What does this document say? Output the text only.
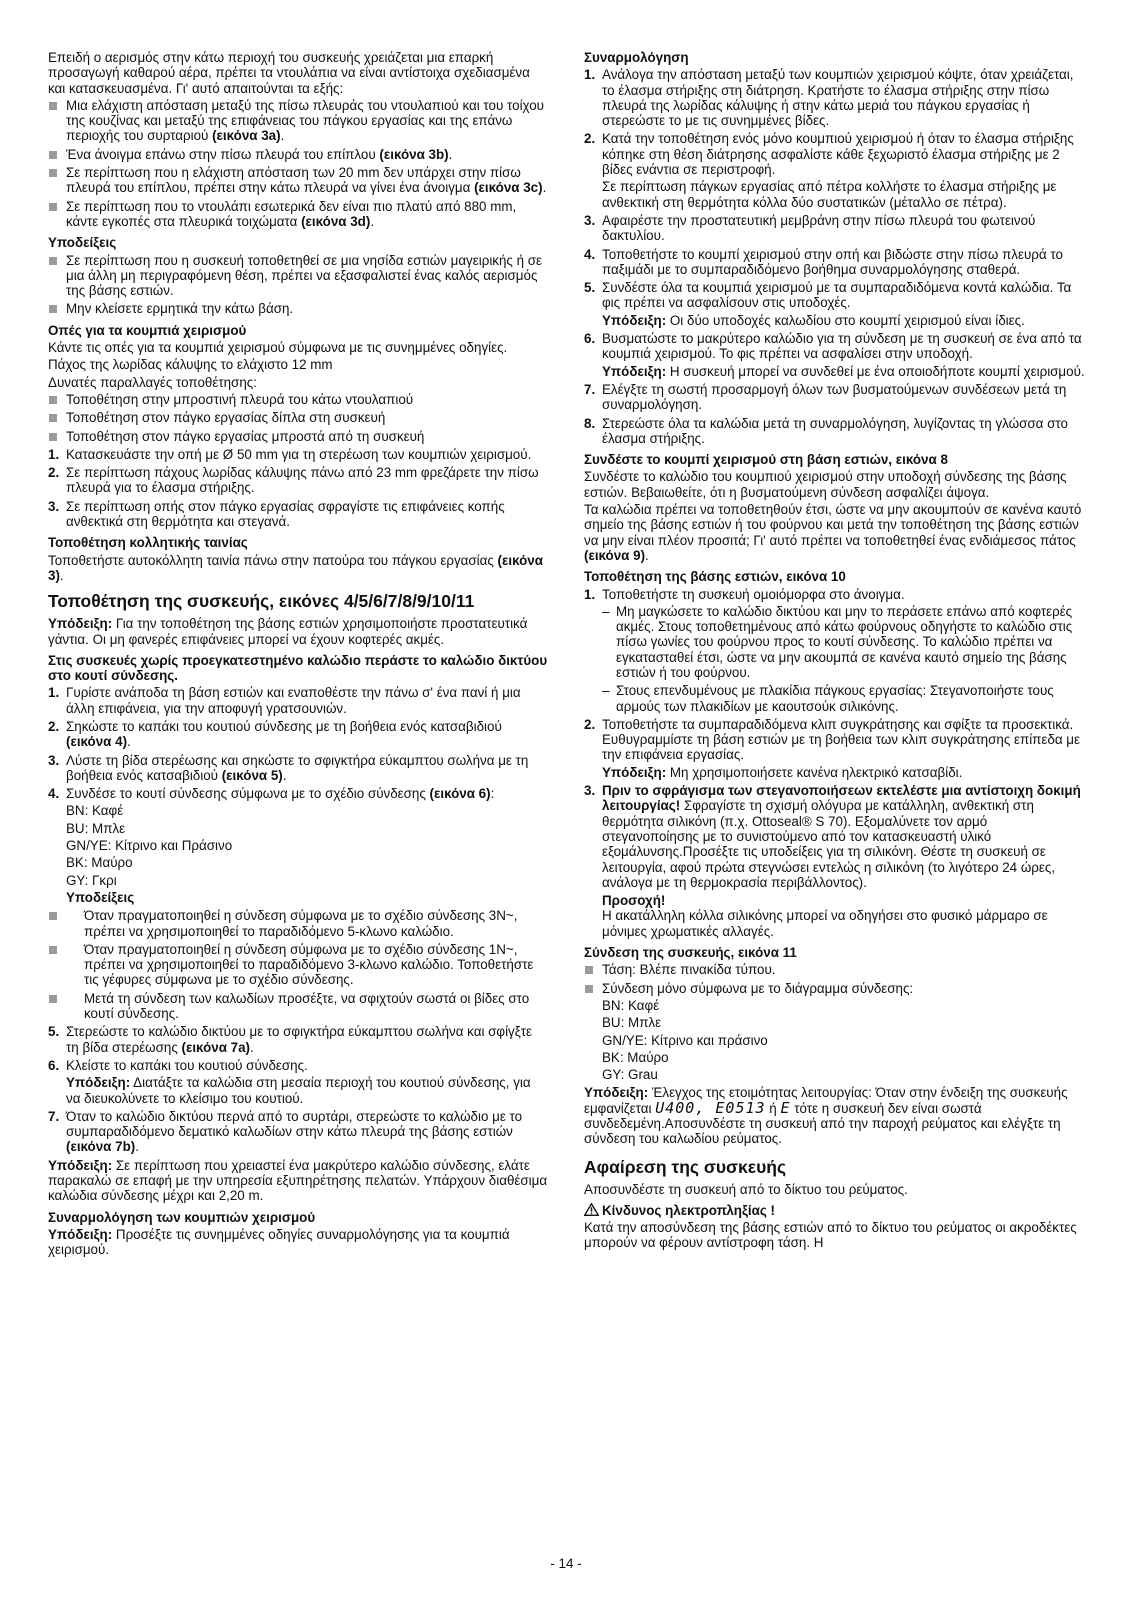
Επειδή ο αερισμός στην κάτω περιοχή του συσκευής χρειάζεται μια επαρκή προσαγωγή καθαρού αέρα, πρέπει τα ντουλάπια να είναι αντίστοιχα σχεδιασμένα και κατασκευασμένα. Γι' αυτό απαιτούνται τα εξής:

Μια ελάχιστη απόσταση μεταξύ της πίσω πλευράς του ντουλαπιού και του τοίχου της κουζίνας και μεταξύ της επιφάνειας του πάγκου εργασίας και της επάνω περιοχής του συρταριού (εικόνα 3a).
Ένα άνοιγμα επάνω στην πίσω πλευρά του επίπλου (εικόνα 3b).
Σε περίπτωση που η ελάχιστη απόσταση των 20 mm δεν υπάρχει στην πίσω πλευρά του επίπλου, πρέπει στην κάτω πλευρά να γίνει ένα άνοιγμα (εικόνα 3c).
Σε περίπτωση που το ντουλάπι εσωτερικά δεν είναι πιο πλατύ από 880 mm, κάντε εγκοπές στα πλευρικά τοιχώματα (εικόνα 3d).
Υποδείξεις
Σε περίπτωση που η συσκευή τοποθετηθεί σε μια νησίδα εστιών μαγειρικής ή σε μια άλλη μη περιγραφόμενη θέση, πρέπει να εξασφαλιστεί ένας καλός αερισμός της βάσης εστιών.
Μην κλείσετε ερμητικά την κάτω βάση.
Οπές για τα κουμπιά χειρισμού

Κάντε τις οπές για τα κουμπιά χειρισμού σύμφωνα με τις συνημμένες οδηγίες.

Πάχος της λωρίδας κάλυψης το ελάχιστο 12 mm

Δυνατές παραλλαγές τοποθέτησης:

Τοποθέτηση στην μπροστινή πλευρά του κάτω ντουλαπιού
Τοποθέτηση στον πάγκο εργασίας δίπλα στη συσκευή
Τοποθέτηση στον πάγκο εργασίας μπροστά από τη συσκευή
1. Κατασκευάστε την οπή με Ø 50 mm για τη στερέωση των κουμπιών χειρισμού.
2. Σε περίπτωση πάχους λωρίδας κάλυψης πάνω από 23 mm φρεζάρετε την πίσω πλευρά για το έλασμα στήριξης.
3. Σε περίπτωση οπής στον πάγκο εργασίας σφραγίστε τις επιφάνειες κοπής ανθεκτικά στη θερμότητα και στεγανά.
Τοποθέτηση κολλητικής ταινίας

Τοποθετήστε αυτοκόλλητη ταινία πάνω στην πατούρα του πάγκου εργασίας (εικόνα 3).

Τοποθέτηση της συσκευής, εικόνες 4/5/6/7/8/9/10/11

Υπόδειξη: Για την τοποθέτηση της βάσης εστιών χρησιμοποιήστε προστατευτικά γάντια. Οι μη φανερές επιφάνειες μπορεί να έχουν κοφτερές ακμές.

Στις συσκευές χωρίς προεγκατεστημένο καλώδιο περάστε το καλώδιο δικτύου στο κουτί σύνδεσης.
1. Γυρίστε ανάποδα τη βάση εστιών και εναποθέστε την πάνω σ' ένα πανί ή μια άλλη επιφάνεια, για την αποφυγή γρατσουνιών.
2. Σηκώστε το καπάκι του κουτιού σύνδεσης με τη βοήθεια ενός κατσαβιδιού (εικόνα 4).
3. Λύστε τη βίδα στερέωσης και σηκώστε το σφιγκτήρα εύκαμπτου σωλήνα με τη βοήθεια ενός κατσαβιδιού (εικόνα 5).
4. Συνδέσε το κουτί σύνδεσης σύμφωνα με το σχέδιο σύνδεσης (εικόνα 6):

BN: Καφέ

BU: Μπλε

GN/YE: Κίτρινο και Πράσινο

BK: Μαύρο

GY: Γκρι

Υποδείξεις
Όταν πραγματοποιηθεί η σύνδεση σύμφωνα με το σχέδιο σύνδεσης 3N~, πρέπει να χρησιμοποιηθεί το παραδιδόμενο 5-κλωνο καλώδιο.
Όταν πραγματοποιηθεί η σύνδεση σύμφωνα με το σχέδιο σύνδεσης 1N~, πρέπει να χρησιμοποιηθεί το παραδιδόμενο 3-κλωνο καλώδιο. Τοποθετήστε τις γέφυρες σύμφωνα με το σχέδιο σύνδεσης.
Μετά τη σύνδεση των καλωδίων προσέξτε, να σφιχτούν σωστά οι βίδες στο κουτί σύνδεσης.
5. Στερεώστε το καλώδιο δικτύου με το σφιγκτήρα εύκαμπτου σωλήνα και σφίγξτε τη βίδα στερέωσης (εικόνα 7a).
6. Κλείστε το καπάκι του κουτιού σύνδεσης.

Υπόδειξη: Διατάξτε τα καλώδια στη μεσαία περιοχή του κουτιού σύνδεσης, για να διευκολύνετε το κλείσιμο του κουτιού.

7. Όταν το καλώδιο δικτύου περνά από το συρτάρι, στερεώστε το καλώδιο με το συμπαραδιδόμενο δεματικό καλωδίων στην κάτω πλευρά της βάσης εστιών (εικόνα 7b).

Υπόδειξη: Σε περίπτωση που χρειαστεί ένα μακρύτερο καλώδιο σύνδεσης, ελάτε παρακαλώ σε επαφή με την υπηρεσία εξυπηρέτησης πελατών. Υπάρχουν διαθέσιμα καλώδια σύνδεσης μέχρι και 2,20 m.

Συναρμολόγηση των κουμπιών χειρισμού

Υπόδειξη: Προσέξτε τις συνημμένες οδηγίες συναρμολόγησης για τα κουμπιά χειρισμού.

Συναρμολόγηση
1. Ανάλογα την απόσταση μεταξύ των κουμπιών χειρισμού κόψτε, όταν χρειάζεται, το έλασμα στήριξης στη διάτρηση. Κρατήστε το έλασμα στήριξης στην πίσω πλευρά της λωρίδας κάλυψης ή στην κάτω μεριά του πάγκου εργασίας ή στερεώστε το με τις συνημμένες βίδες.
2. Κατά την τοποθέτηση ενός μόνο κουμπιού χειρισμού ή όταν το έλασμα στήριξης κόπηκε στη θέση διάτρησης ασφαλίστε κάθε ξεχωριστό έλασμα στήριξης με 2 βίδες ενάντια σε περιστροφή.

Σε περίπτωση πάγκων εργασίας από πέτρα κολλήστε το έλασμα στήριξης με ανθεκτική στη θερμότητα κόλλα δύο συστατικών (μέταλλο σε πέτρα).

3. Αφαιρέστε την προστατευτική μεμβράνη στην πίσω πλευρά του φωτεινού δακτυλίου.
4. Τοποθετήστε το κουμπί χειρισμού στην οπή και βιδώστε στην πίσω πλευρά το παξιμάδι με το συμπαραδιδόμενο βοήθημα συναρμολόγησης σταθερά.
5. Συνδέστε όλα τα κουμπιά χειρισμού με τα συμπαραδιδόμενα κοντά καλώδια. Τα φις πρέπει να ασφαλίσουν στις υποδοχές.

Υπόδειξη: Οι δύο υποδοχές καλωδίου στο κουμπί χειρισμού είναι ίδιες.

6. Βυσματώστε το μακρύτερο καλώδιο για τη σύνδεση με τη συσκευή σε ένα από τα κουμπιά χειρισμού. Το φις πρέπει να ασφαλίσει στην υποδοχή.

Υπόδειξη: Η συσκευή μπορεί να συνδεθεί με ένα οποιοδήποτε κουμπί χειρισμού.

7. Ελέγξτε τη σωστή προσαρμογή όλων των βυσματούμενων συνδέσεων μετά τη συναρμολόγηση.
8. Στερεώστε όλα τα καλώδια μετά τη συναρμολόγηση, λυγίζοντας τη γλώσσα στο έλασμα στήριξης.
Συνδέστε το κουμπί χειρισμού στη βάση εστιών, εικόνα 8

Συνδέστε το καλώδιο του κουμπιού χειρισμού στην υποδοχή σύνδεσης της βάσης εστιών. Βεβαιωθείτε, ότι η βυσματούμενη σύνδεση ασφαλίζει άψογα.

Τα καλώδια πρέπει να τοποθετηθούν έτσι, ώστε να μην ακουμπούν σε κανένα καυτό σημείο της βάσης εστιών ή του φούρνου και μετά την τοποθέτηση της βάσης εστιών να μην είναι πλέον προσιτά; Γι' αυτό πρέπει να τοποθετηθεί ένας ενδιάμεσος πάτος (εικόνα 9).

Τοποθέτηση της βάσης εστιών, εικόνα 10
1. Τοποθετήστε τη συσκευή ομοιόμορφα στο άνοιγμα.
– Μη μαγκώσετε το καλώδιο δικτύου και μην το περάσετε επάνω από κοφτερές ακμές. Στους τοποθετημένους από κάτω φούρνους οδηγήστε το καλώδιο στις πίσω γωνίες του φούρνου προς το κουτί σύνδεσης. Το καλώδιο πρέπει να εγκατασταθεί έτσι, ώστε να μην ακουμπά σε κανένα καυτό σημείο της βάσης εστιών ή του φούρνου.
– Στους επενδυμένους με πλακίδια πάγκους εργασίας: Στεγανοποιήστε τους αρμούς των πλακιδίων με καουτσούκ σιλικόνης.
2. Τοποθετήστε τα συμπαραδιδόμενα κλιπ συγκράτησης και σφίξτε τα προσεκτικά. Ευθυγραμμίστε τη βάση εστιών με τη βοήθεια των κλιπ συγκράτησης επίπεδα με την επιφάνεια εργασίας.

Υπόδειξη: Μη χρησιμοποιήσετε κανένα ηλεκτρικό κατσαβίδι.

3. Πριν το σφράγισμα των στεγανοποιήσεων εκτελέστε μια αντίστοιχη δοκιμή λειτουργίας! Σφραγίστε τη σχισμή ολόγυρα με κατάλληλη, ανθεκτική στη θερμότητα σιλικόνη (π.χ. Ottoseal® S 70). Εξομαλύνετε τον αρμό στεγανοποίησης με το συνιστούμενο από τον κατασκευαστή υλικό εξομάλυνσης.Προσέξτε τις υποδείξεις για τη σιλικόνη. Θέστε τη συσκευή σε λειτουργία, αφού πρώτα στεγνώσει εντελώς η σιλικόνη (το λιγότερο 24 ώρες, ανάλογα με τη θερμοκρασία περιβάλλοντος).
Προσοχή!

Η ακατάλληλη κόλλα σιλικόνης μπορεί να οδηγήσει στο φυσικό μάρμαρο σε μόνιμες χρωματικές αλλαγές.

Σύνδεση της συσκευής, εικόνα 11
Τάση: Βλέπε πινακίδα τύπου.
Σύνδεση μόνο σύμφωνα με το διάγραμμα σύνδεσης:

BN: Καφέ

BU: Μπλε

GN/YE: Κίτρινο και πράσινο

BK: Μαύρο

GY: Grau

Υπόδειξη: Έλεγχος της ετοιμότητας λειτουργίας: Όταν στην ένδειξη της συσκευής εμφανίζεται U400, E0513 ή E τότε η συσκευή δεν είναι σωστά συνδεδεμένη.Αποσυνδέστε τη συσκευή από την παροχή ρεύματος και ελέγξτε τη σύνδεση του καλωδίου ρεύματος.

Αφαίρεση της συσκευής

Αποσυνδέστε τη συσκευή από το δίκτυο του ρεύματος.

Κίνδυνος ηλεκτροπληξίας !

Κατά την αποσύνδεση της βάσης εστιών από το δίκτυο του ρεύματος οι ακροδέκτες μπορούν να φέρουν αντίστροφη τάση. Η

- 14 -
